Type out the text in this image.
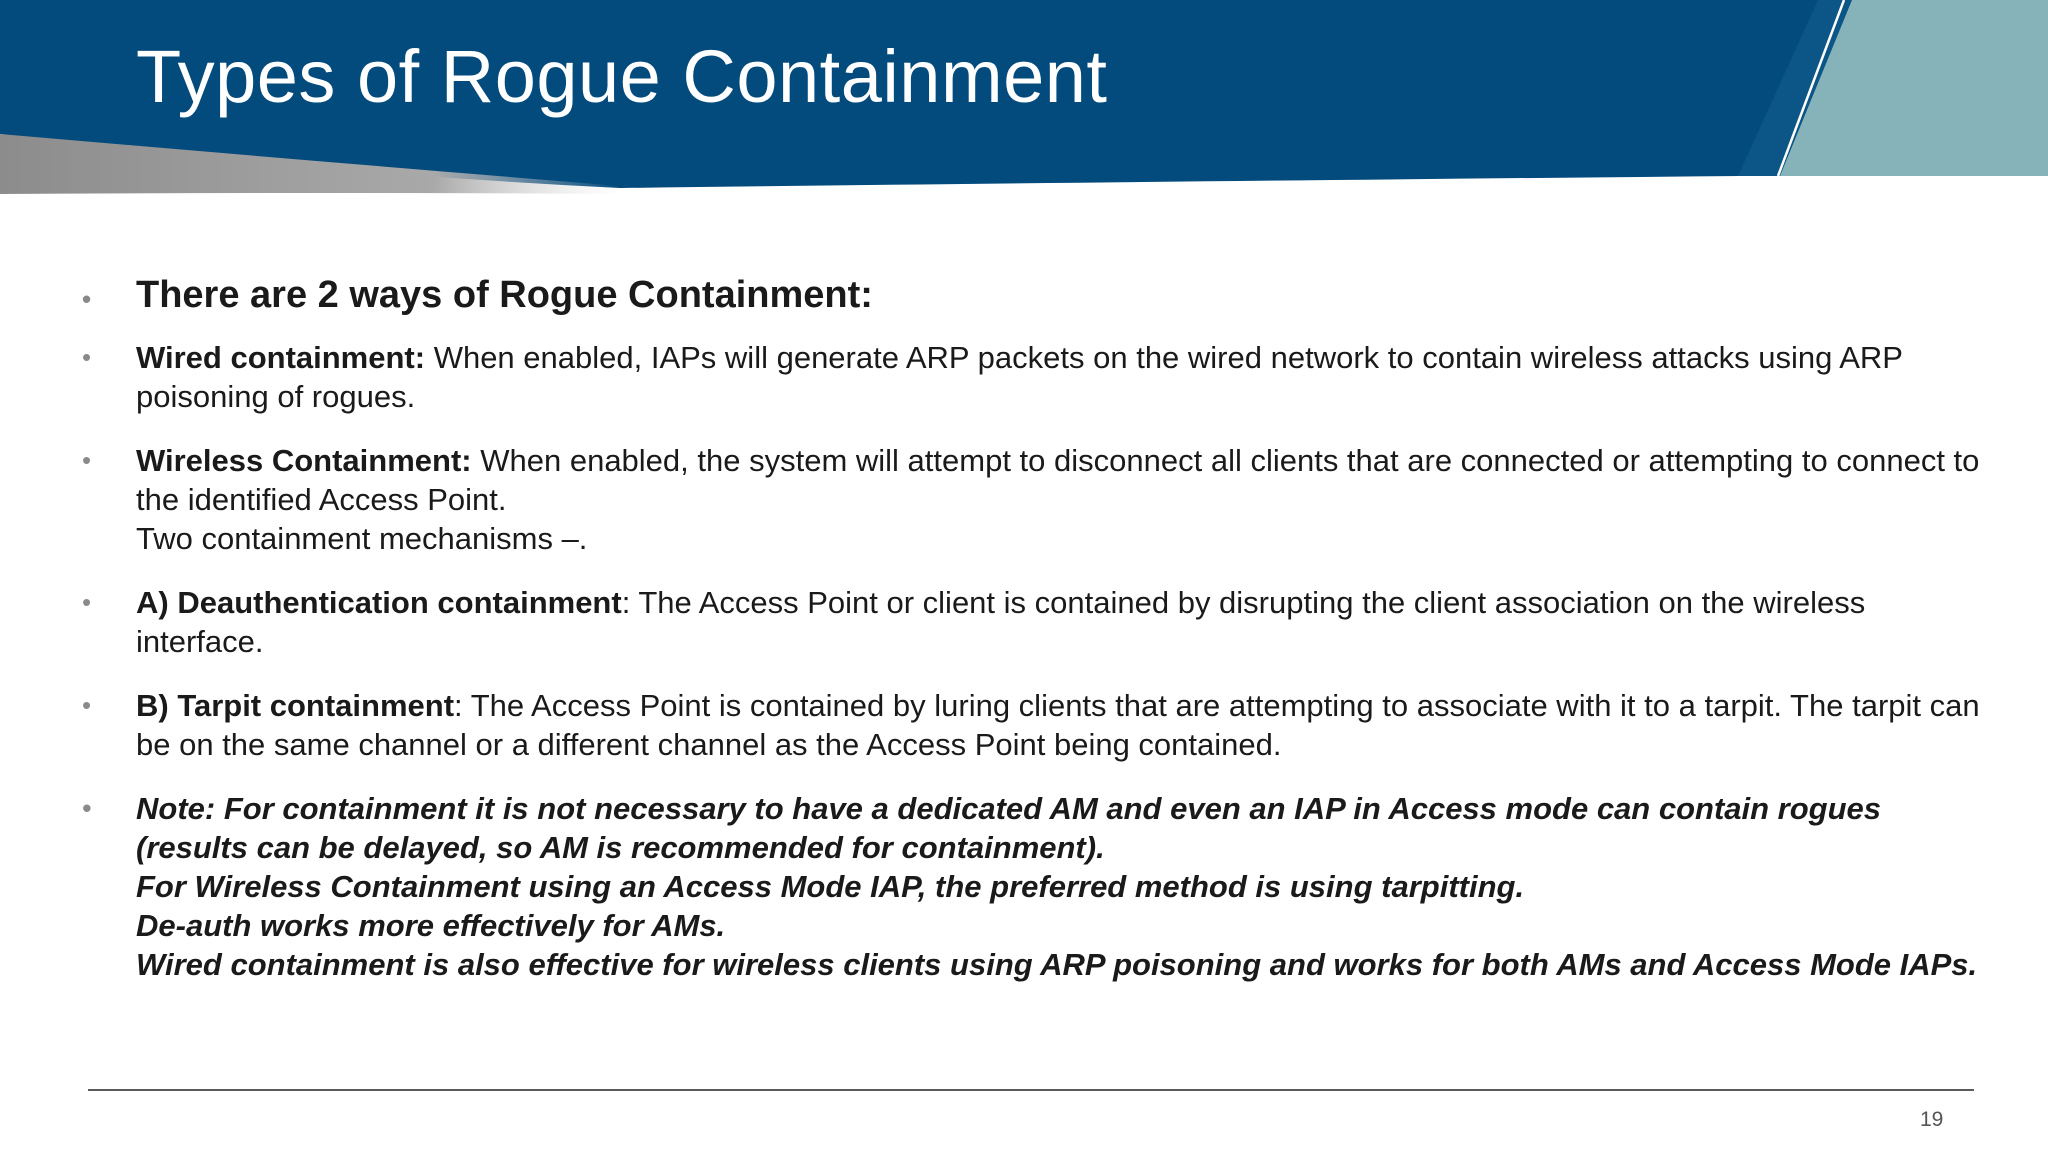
Types of Rogue Containment
• There are 2 ways of Rogue Containment:
• Wired containment: When enabled, IAPs will generate ARP packets on the wired network to contain wireless attacks using ARP poisoning of rogues.
• Wireless Containment: When enabled, the system will attempt to disconnect all clients that are connected or attempting to connect to the identified Access Point.
Two containment mechanisms –.
• A) Deauthentication containment: The Access Point or client is contained by disrupting the client association on the wireless interface.
• B) Tarpit containment: The Access Point is contained by luring clients that are attempting to associate with it to a tarpit. The tarpit can be on the same channel or a different channel as the Access Point being contained.
• Note: For containment it is not necessary to have a dedicated AM and even an IAP in Access mode can contain rogues (results can be delayed, so AM is recommended for containment).
For Wireless Containment using an Access Mode IAP, the preferred method is using tarpitting.
De-auth works more effectively for AMs.
Wired containment is also effective for wireless clients using ARP poisoning and works for both AMs and Access Mode IAPs.
19
